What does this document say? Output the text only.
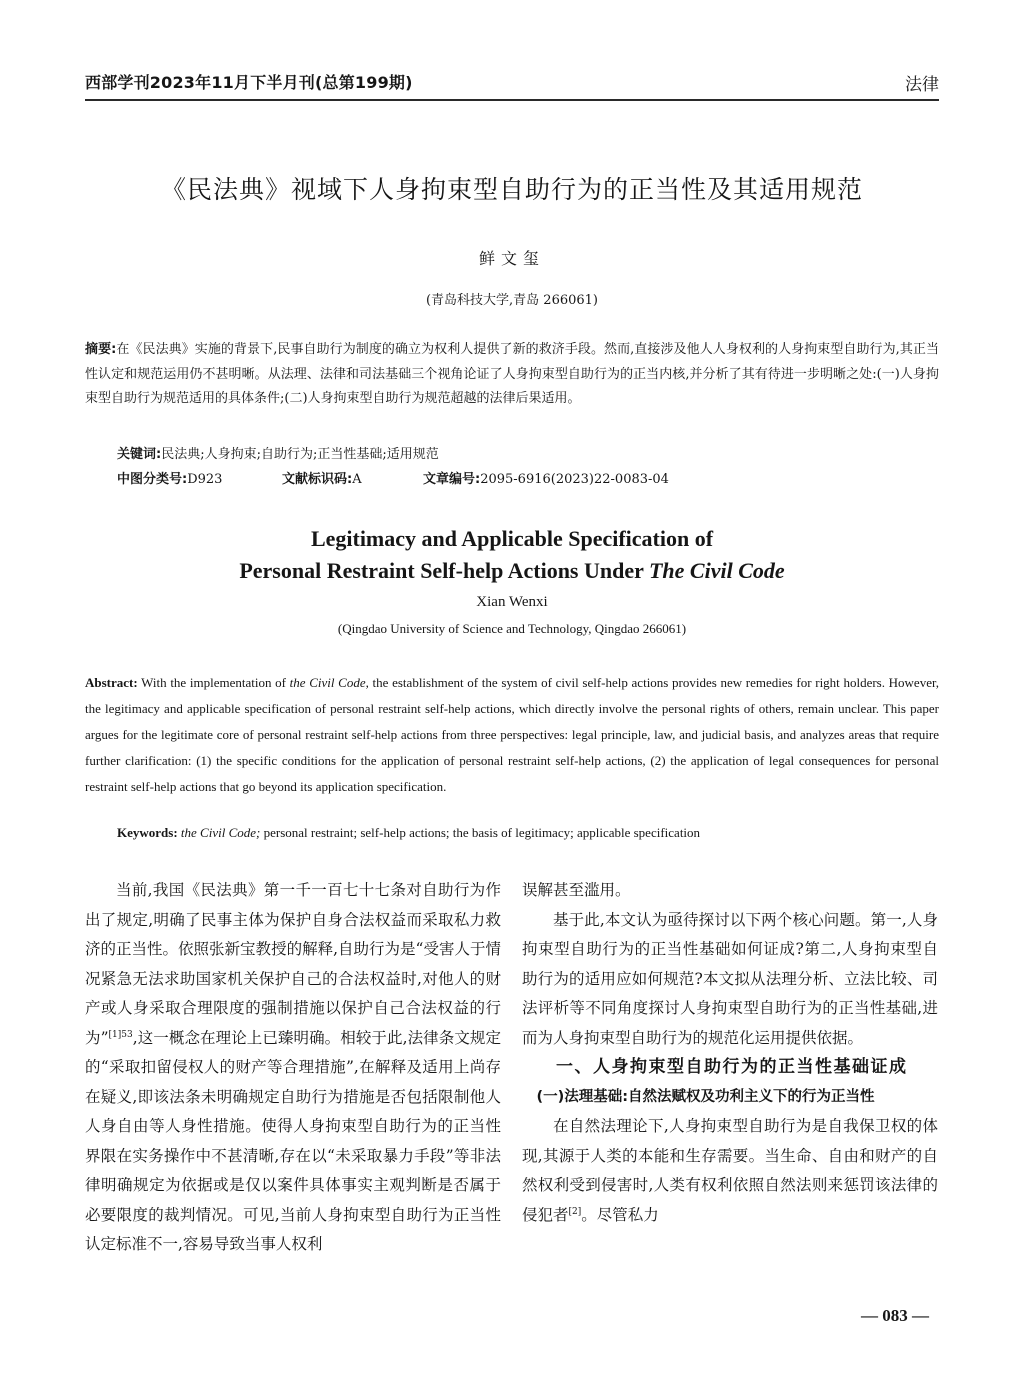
西部学刊2023年11月下半月刊(总第199期)	法律
《民法典》视域下人身拘束型自助行为的正当性及其适用规范
鲜文玺
(青岛科技大学,青岛 266061)
摘要:在《民法典》实施的背景下,民事自助行为制度的确立为权利人提供了新的救济手段。然而,直接涉及他人人身权利的人身拘束型自助行为,其正当性认定和规范运用仍不甚明晰。从法理、法律和司法基础三个视角论证了人身拘束型自助行为的正当内核,并分析了其有待进一步明晰之处:(一)人身拘束型自助行为规范适用的具体条件;(二)人身拘束型自助行为规范超越的法律后果适用。
关键词:民法典;人身拘束;自助行为;正当性基础;适用规范
中图分类号:D923	文献标识码:A	文章编号:2095-6916(2023)22-0083-04
Legitimacy and Applicable Specification of
Personal Restraint Self-help Actions Under The Civil Code
Xian Wenxi
(Qingdao University of Science and Technology, Qingdao 266061)
Abstract: With the implementation of the Civil Code, the establishment of the system of civil self-help actions provides new remedies for right holders. However, the legitimacy and applicable specification of personal restraint self-help actions, which directly involve the personal rights of others, remain unclear. This paper argues for the legitimate core of personal restraint self-help actions from three perspectives: legal principle, law, and judicial basis, and analyzes areas that require further clarification: (1) the specific conditions for the application of personal restraint self-help actions, (2) the application of legal consequences for personal restraint self-help actions that go beyond its application specification.
Keywords: the Civil Code; personal restraint; self-help actions; the basis of legitimacy; applicable specification

当前,我国《民法典》第一千一百七十七条对自助行为作出了规定,明确了民事主体为保护自身合法权益而采取私力救济的正当性。依照张新宝教授的解释,自助行为是“受害人于情况紧急无法求助国家机关保护自己的合法权益时,对他人的财产或人身采取合理限度的强制措施以保护自己合法权益的行为”$^{[1]53}$,这一概念在理论上已臻明确。相较于此,法律条文规定的“采取扣留侵权人的财产等合理措施”,在解释及适用上尚存在疑义,即该法条未明确规定自助行为措施是否包括限制他人人身自由等人身性措施。使得人身拘束型自助行为的正当性界限在实务操作中不甚清晰,存在以“未采取暴力手段”等非法律明确规定为依据或是仅以案件具体事实主观判断是否属于必要限度的裁判情况。可见,当前人身拘束型自助行为正当性认定标准不一,容易导致当事人权利

误解甚至滥用。

基于此,本文认为亟待探讨以下两个核心问题。第一,人身拘束型自助行为的正当性基础如何证成?第二,人身拘束型自助行为的适用应如何规范?本文拟从法理分析、立法比较、司法评析等不同角度探讨人身拘束型自助行为的正当性基础,进而为人身拘束型自助行为的规范化运用提供依据。

一、人身拘束型自助行为的正当性基础证成

(一)法理基础:自然法赋权及功利主义下的行为正当性

在自然法理论下,人身拘束型自助行为是自我保卫权的体现,其源于人类的本能和生存需要。当生命、自由和财产的自然权利受到侵害时,人类有权利依照自然法则来惩罚该法律的侵犯者[2]。尽管私力

— 083 —
